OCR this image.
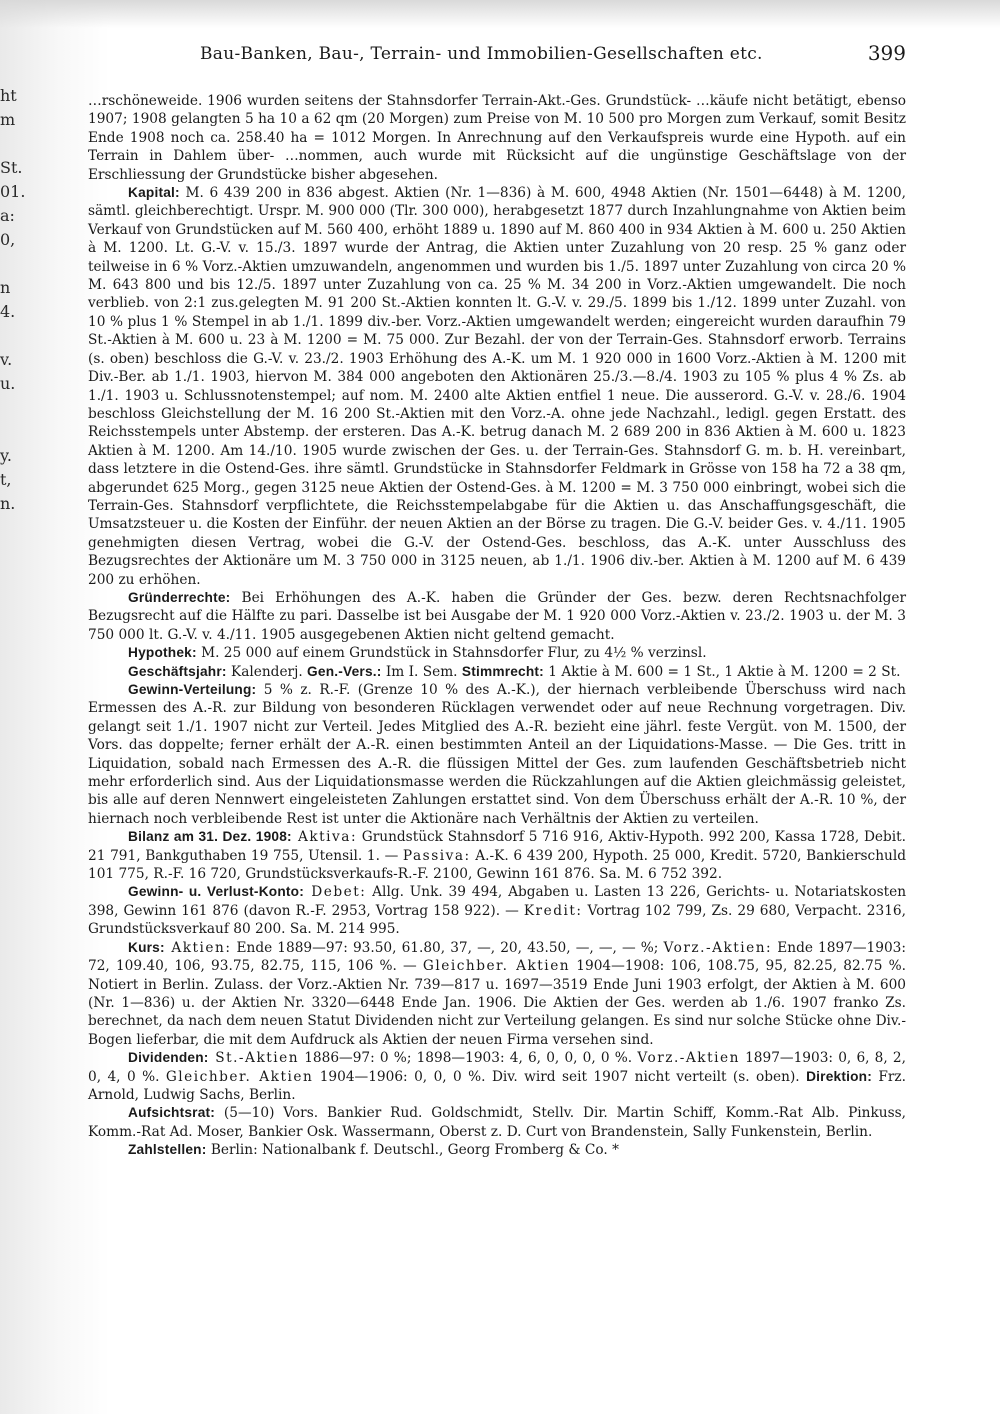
ht
m
St.
01.
a:
0,
n
4.
v.
u.
y.
t,
n.
Bau-Banken, Bau-, Terrain- und Immobilien-Gesellschaften etc.	399

…rschöneweide. 1906 wurden seitens der Stahnsdorfer Terrain-Akt.-Ges. Grundstück- …käufe nicht betätigt, ebenso 1907; 1908 gelangten 5 ha 10 a 62 qm (20 Morgen) zum Preise von M. 10 500 pro Morgen zum Verkauf, somit Besitz Ende 1908 noch ca. 258.40 ha = 1012 Morgen. In Anrechnung auf den Verkaufspreis wurde eine Hypoth. auf ein Terrain in Dahlem über- …nommen, auch wurde mit Rücksicht auf die ungünstige Geschäftslage von der Erschliessung der Grundstücke bisher abgesehen.

Kapital: M. 6 439 200 in 836 abgest. Aktien (Nr. 1—836) à M. 600, 4948 Aktien (Nr. 1501—6448) à M. 1200, sämtl. gleichberechtigt. Urspr. M. 900 000 (Tlr. 300 000), herabgesetzt 1877 durch Inzahlungnahme von Aktien beim Verkauf von Grundstücken auf M. 560 400, erhöht 1889 u. 1890 auf M. 860 400 in 934 Aktien à M. 600 u. 250 Aktien à M. 1200. Lt. G.-V. v. 15./3. 1897 wurde der Antrag, die Aktien unter Zuzahlung von 20 resp. 25 % ganz oder teilweise in 6 % Vorz.-Aktien umzuwandeln, angenommen und wurden bis 1./5. 1897 unter Zuzahlung von circa 20 % M. 643 800 und bis 12./5. 1897 unter Zuzahlung von ca. 25 % M. 34 200 in Vorz.-Aktien umgewandelt. Die noch verblieb. von 2:1 zus.gelegten M. 91 200 St.-Aktien konnten lt. G.-V. v. 29./5. 1899 bis 1./12. 1899 unter Zuzahl. von 10 % plus 1 % Stempel in ab 1./1. 1899 div.-ber. Vorz.-Aktien umgewandelt werden; eingereicht wurden daraufhin 79 St.-Aktien à M. 600 u. 23 à M. 1200 = M. 75 000. Zur Bezahl. der von der Terrain-Ges. Stahnsdorf erworb. Terrains (s. oben) beschloss die G.-V. v. 23./2. 1903 Erhöhung des A.-K. um M. 1 920 000 in 1600 Vorz.-Aktien à M. 1200 mit Div.-Ber. ab 1./1. 1903, hiervon M. 384 000 angeboten den Aktionären 25./3.—8./4. 1903 zu 105 % plus 4 % Zs. ab 1./1. 1903 u. Schlussnotenstempel; auf nom. M. 2400 alte Aktien entfiel 1 neue. Die ausserord. G.-V. v. 28./6. 1904 beschloss Gleichstellung der M. 16 200 St.-Aktien mit den Vorz.-A. ohne jede Nachzahl., ledigl. gegen Erstatt. des Reichsstempels unter Abstemp. der ersteren. Das A.-K. betrug danach M. 2 689 200 in 836 Aktien à M. 600 u. 1823 Aktien à M. 1200. Am 14./10. 1905 wurde zwischen der Ges. u. der Terrain-Ges. Stahnsdorf G. m. b. H. vereinbart, dass letztere in die Ostend-Ges. ihre sämtl. Grundstücke in Stahnsdorfer Feldmark in Grösse von 158 ha 72 a 38 qm, abgerundet 625 Morg., gegen 3125 neue Aktien der Ostend-Ges. à M. 1200 = M. 3 750 000 einbringt, wobei sich die Terrain-Ges. Stahnsdorf verpflichtete, die Reichsstempelabgabe für die Aktien u. das Anschaffungsgeschäft, die Umsatzsteuer u. die Kosten der Einführ. der neuen Aktien an der Börse zu tragen. Die G.-V. beider Ges. v. 4./11. 1905 genehmigten diesen Vertrag, wobei die G.-V. der Ostend-Ges. beschloss, das A.-K. unter Ausschluss des Bezugsrechtes der Aktionäre um M. 3 750 000 in 3125 neuen, ab 1./1. 1906 div.-ber. Aktien à M. 1200 auf M. 6 439 200 zu erhöhen.

Gründerrechte: Bei Erhöhungen des A.-K. haben die Gründer der Ges. bezw. deren Rechtsnachfolger Bezugsrecht auf die Hälfte zu pari. Dasselbe ist bei Ausgabe der M. 1 920 000 Vorz.-Aktien v. 23./2. 1903 u. der M. 3 750 000 lt. G.-V. v. 4./11. 1905 ausgegebenen Aktien nicht geltend gemacht.

Hypothek: M. 25 000 auf einem Grundstück in Stahnsdorfer Flur, zu 4½ % verzinsl.

Geschäftsjahr: Kalenderj. Gen.-Vers.: Im I. Sem. Stimmrecht: 1 Aktie à M. 600 = 1 St., 1 Aktie à M. 1200 = 2 St.

Gewinn-Verteilung: 5 % z. R.-F. (Grenze 10 % des A.-K.), der hiernach verbleibende Überschuss wird nach Ermessen des A.-R. zur Bildung von besonderen Rücklagen verwendet oder auf neue Rechnung vorgetragen. Div. gelangt seit 1./1. 1907 nicht zur Verteil. Jedes Mitglied des A.-R. bezieht eine jährl. feste Vergüt. von M. 1500, der Vors. das doppelte; ferner erhält der A.-R. einen bestimmten Anteil an der Liquidations-Masse. — Die Ges. tritt in Liquidation, sobald nach Ermessen des A.-R. die flüssigen Mittel der Ges. zum laufenden Geschäftsbetrieb nicht mehr erforderlich sind. Aus der Liquidationsmasse werden die Rückzahlungen auf die Aktien gleichmässig geleistet, bis alle auf deren Nennwert eingeleisteten Zahlungen erstattet sind. Von dem Überschuss erhält der A.-R. 10 %, der hiernach noch verbleibende Rest ist unter die Aktionäre nach Verhältnis der Aktien zu verteilen.

Bilanz am 31. Dez. 1908: Aktiva: Grundstück Stahnsdorf 5 716 916, Aktiv-Hypoth. 992 200, Kassa 1728, Debit. 21 791, Bankguthaben 19 755, Utensil. 1. — Passiva: A.-K. 6 439 200, Hypoth. 25 000, Kredit. 5720, Bankierschuld 101 775, R.-F. 16 720, Grundstücksverkaufs-R.-F. 2100, Gewinn 161 876. Sa. M. 6 752 392.

Gewinn- u. Verlust-Konto: Debet: Allg. Unk. 39 494, Abgaben u. Lasten 13 226, Gerichts- u. Notariatskosten 398, Gewinn 161 876 (davon R.-F. 2953, Vortrag 158 922). — Kredit: Vortrag 102 799, Zs. 29 680, Verpacht. 2316, Grundstücksverkauf 80 200. Sa. M. 214 995.

Kurs: Aktien: Ende 1889—97: 93.50, 61.80, 37, —, 20, 43.50, —, —, — %; Vorz.-Aktien: Ende 1897—1903: 72, 109.40, 106, 93.75, 82.75, 115, 106 %. — Gleichber. Aktien 1904—1908: 106, 108.75, 95, 82.25, 82.75 %. Notiert in Berlin. Zulass. der Vorz.-Aktien Nr. 739—817 u. 1697—3519 Ende Juni 1903 erfolgt, der Aktien à M. 600 (Nr. 1—836) u. der Aktien Nr. 3320—6448 Ende Jan. 1906. Die Aktien der Ges. werden ab 1./6. 1907 franko Zs. berechnet, da nach dem neuen Statut Dividenden nicht zur Verteilung gelangen. Es sind nur solche Stücke ohne Div.-Bogen lieferbar, die mit dem Aufdruck als Aktien der neuen Firma versehen sind.

Dividenden: St.-Aktien 1886—97: 0 %; 1898—1903: 4, 6, 0, 0, 0, 0 %. Vorz.-Aktien 1897—1903: 0, 6, 8, 2, 0, 4, 0 %. Gleichber. Aktien 1904—1906: 0, 0, 0 %. Div. wird seit 1907 nicht verteilt (s. oben). Direktion: Frz. Arnold, Ludwig Sachs, Berlin.

Aufsichtsrat: (5—10) Vors. Bankier Rud. Goldschmidt, Stellv. Dir. Martin Schiff, Komm.-Rat Alb. Pinkuss, Komm.-Rat Ad. Moser, Bankier Osk. Wassermann, Oberst z. D. Curt von Brandenstein, Sally Funkenstein, Berlin.

Zahlstellen: Berlin: Nationalbank f. Deutschl., Georg Fromberg & Co. *
